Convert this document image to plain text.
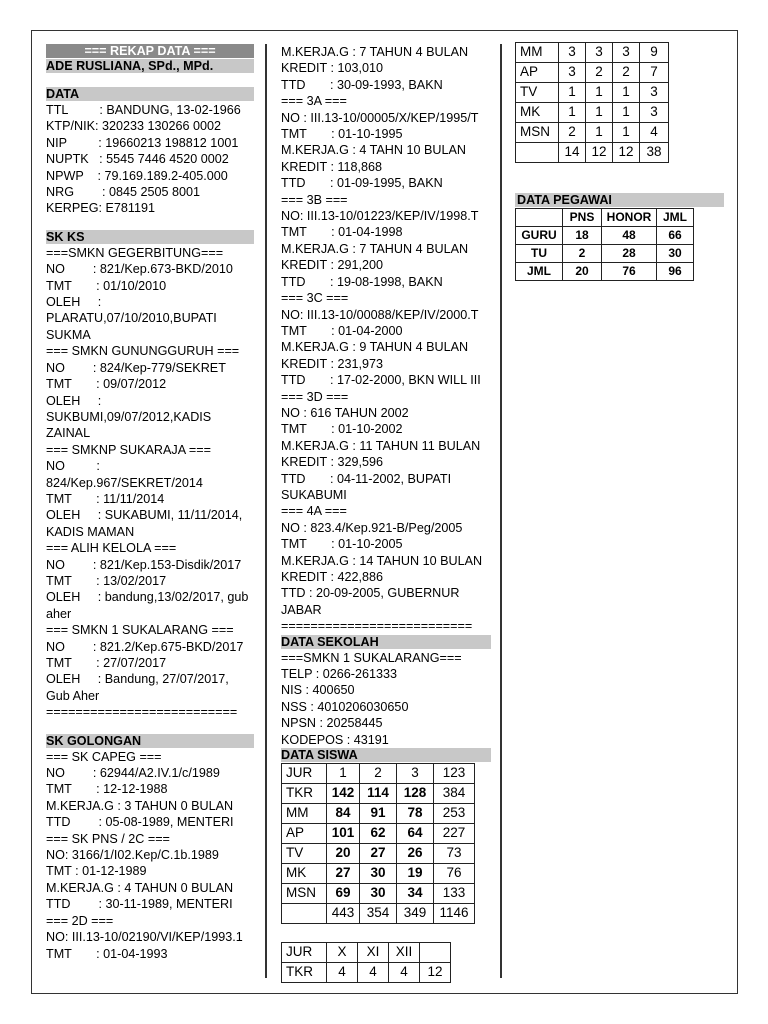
=== REKAP DATA ===
ADE RUSLIANA, SPd., MPd.
DATA
TTL         : BANDUNG, 13-02-1966
KTP/NIK: 320233 130266 0002
NIP         : 19660213 198812 1001
NUPTK   : 5545 7446 4520 0002
NPWP    : 79.169.189.2-405.000
NRG        : 0845 2505 8001
KERPEG: E781191
SK KS
===SMKN GEGERBITUNG===
NO        : 821/Kep.673-BKD/2010
TMT       : 01/10/2010
OLEH     :
PLARATU,07/10/2010,BUPATI
SUKMA
=== SMKN GUNUNGGURUH ===
NO        : 824/Kep-779/SEKRET
TMT       : 09/07/2012
OLEH     :
SUKBUMI,09/07/2012,KADIS
ZAINAL
=== SMKNP SUKARAJA ===
NO         :
824/Kep.967/SEKRET/2014
TMT       : 11/11/2014
OLEH     : SUKABUMI, 11/11/2014,
KADIS MAMAN
=== ALIH KELOLA ===
NO        : 821/Kep.153-Disdik/2017
TMT       : 13/02/2017
OLEH     : bandung,13/02/2017, gub
aher
=== SMKN 1 SUKALARANG ===
NO        : 821.2/Kep.675-BKD/2017
TMT       : 27/07/2017
OLEH     : Bandung, 27/07/2017,
Gub Aher
==========================
SK GOLONGAN
=== SK CAPEG ===
NO        : 62944/A2.IV.1/c/1989
TMT       : 12-12-1988
M.KERJA.G : 3 TAHUN 0 BULAN
TTD        : 05-08-1989, MENTERI
=== SK PNS / 2C ===
NO: 3166/1/I02.Kep/C.1b.1989
TMT : 01-12-1989
M.KERJA.G : 4 TAHUN 0 BULAN
TTD        : 30-11-1989, MENTERI
=== 2D ===
NO: III.13-10/02190/VI/KEP/1993.1
TMT       : 01-04-1993
M.KERJA.G : 7 TAHUN 4 BULAN
KREDIT : 103,010
TTD       : 30-09-1993, BAKN
=== 3A ===
NO : III.13-10/00005/X/KEP/1995/T
TMT       : 01-10-1995
M.KERJA.G : 4 TAHN 10 BULAN
KREDIT : 118,868
TTD       : 01-09-1995, BAKN
=== 3B ===
NO: III.13-10/01223/KEP/IV/1998.T
TMT       : 01-04-1998
M.KERJA.G : 7 TAHUN 4 BULAN
KREDIT : 291,200
TTD       : 19-08-1998, BAKN
=== 3C ===
NO: III.13-10/00088/KEP/IV/2000.T
TMT       : 01-04-2000
M.KERJA.G : 9 TAHUN 4 BULAN
KREDIT : 231,973
TTD       : 17-02-2000, BKN WILL III
=== 3D ===
NO : 616 TAHUN 2002
TMT       : 01-10-2002
M.KERJA.G : 11 TAHUN 11 BULAN
KREDIT : 329,596
TTD       : 04-11-2002, BUPATI
SUKABUMI
=== 4A ===
NO : 823.4/Kep.921-B/Peg/2005
TMT       : 01-10-2005
M.KERJA.G : 14 TAHUN 10 BULAN
KREDIT : 422,886
TTD : 20-09-2005, GUBERNUR
JABAR
==========================
DATA SEKOLAH
===SMKN 1 SUKALARANG===
TELP : 0266-261333
NIS : 400650
NSS : 4010206030650
NPSN : 20258445
KODEPOS : 43191
DATA SISWA
JUR	1	2	3	123
TKR	142	114	128	384
MM	84	91	78	253
AP	101	62	64	227
TV	20	27	26	73
MK	27	30	19	76
MSN	69	30	34	133
	443	354	349	1146
JUR	X	XI	XII	
TKR	4	4	4	12
MM	3	3	3	9
AP	3	2	2	7
TV	1	1	1	3
MK	1	1	1	3
MSN	2	1	1	4
	14	12	12	38
DATA PEGAWAI
	PNS	HONOR	JML
GURU	18	48	66
TU	2	28	30
JML	20	76	96
